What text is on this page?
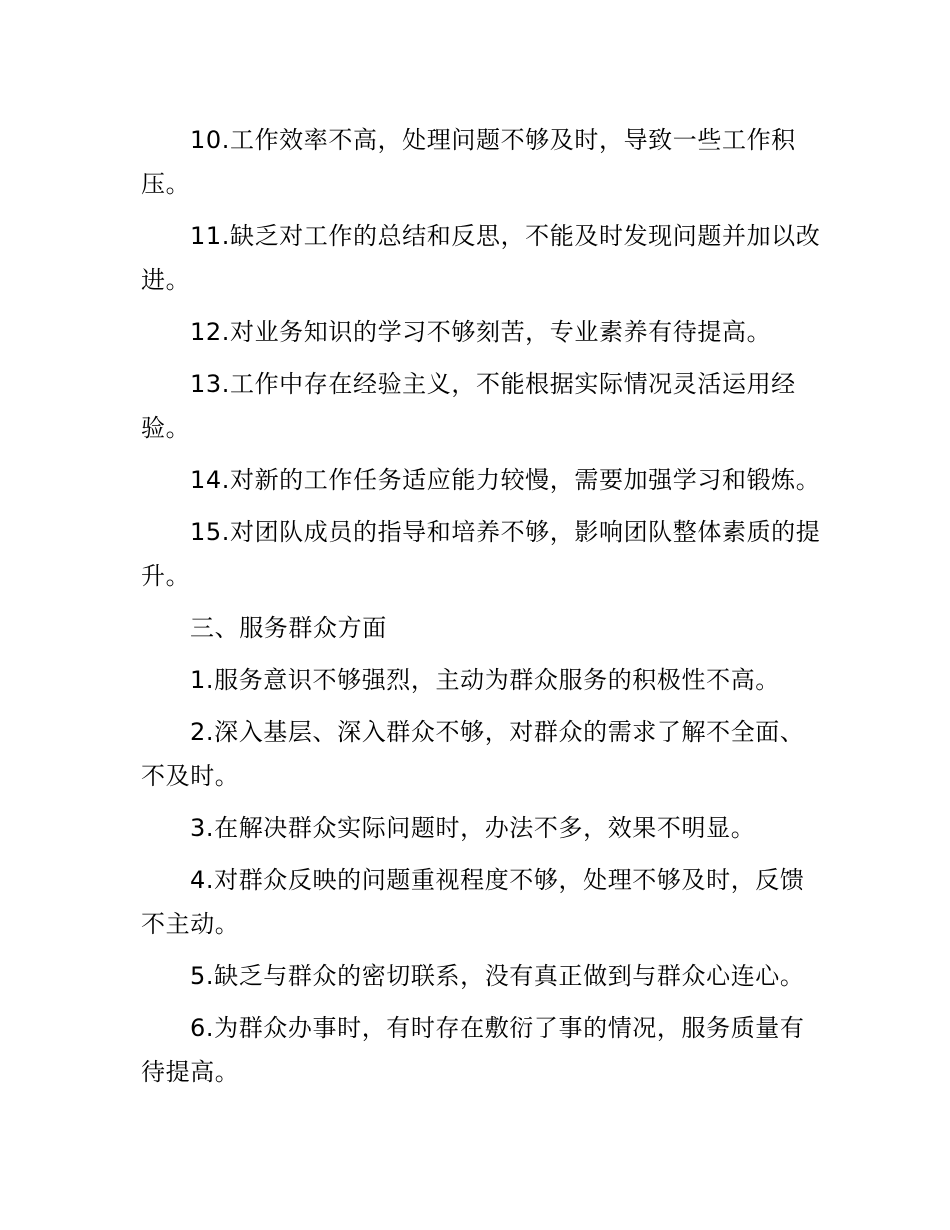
10.工作效率不高，处理问题不够及时，导致一些工作积压。

11.缺乏对工作的总结和反思，不能及时发现问题并加以改进。

12.对业务知识的学习不够刻苦，专业素养有待提高。

13.工作中存在经验主义，不能根据实际情况灵活运用经验。

14.对新的工作任务适应能力较慢，需要加强学习和锻炼。

15.对团队成员的指导和培养不够，影响团队整体素质的提升。

三、服务群众方面

1.服务意识不够强烈，主动为群众服务的积极性不高。

2.深入基层、深入群众不够，对群众的需求了解不全面、不及时。

3.在解决群众实际问题时，办法不多，效果不明显。

4.对群众反映的问题重视程度不够，处理不够及时，反馈不主动。

5.缺乏与群众的密切联系，没有真正做到与群众心连心。

6.为群众办事时，有时存在敷衍了事的情况，服务质量有待提高。
